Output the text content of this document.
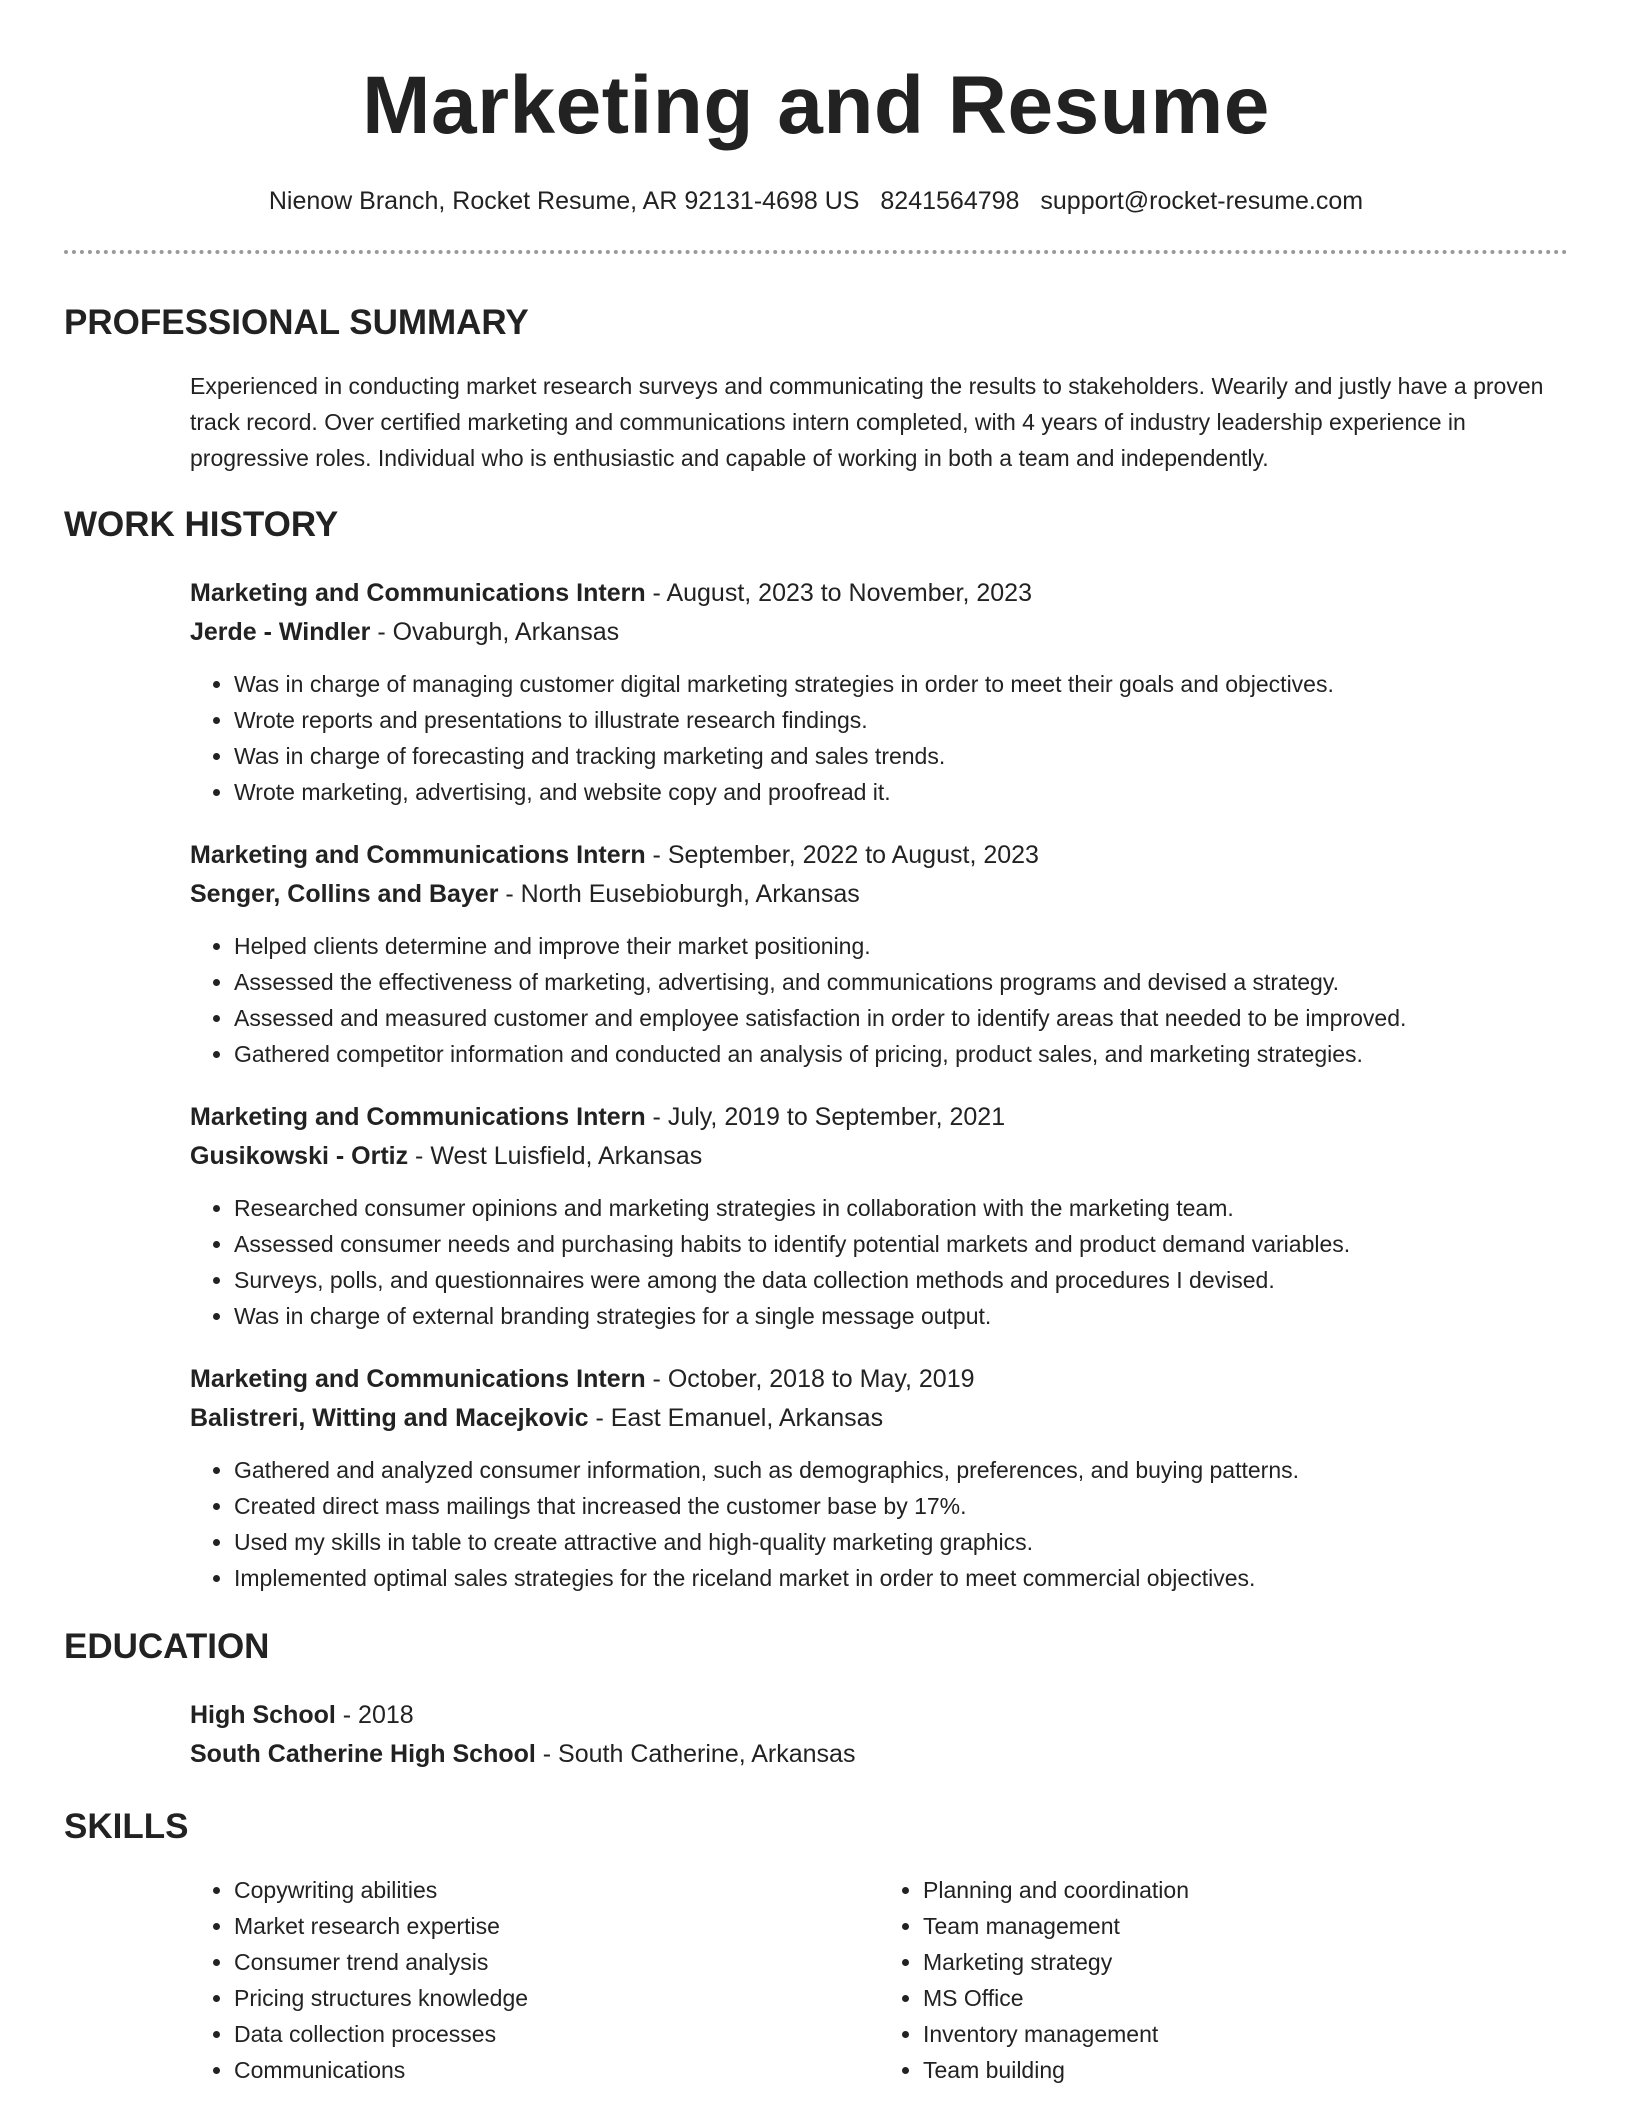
Marketing and Resume
Nienow Branch, Rocket Resume, AR 92131-4698 US 8241564798 support@rocket-resume.com
PROFESSIONAL SUMMARY
Experienced in conducting market research surveys and communicating the results to stakeholders. Wearily and justly have a proven track record. Over certified marketing and communications intern completed, with 4 years of industry leadership experience in progressive roles. Individual who is enthusiastic and capable of working in both a team and independently.
WORK HISTORY
Marketing and Communications Intern - August, 2023 to November, 2023
Jerde - Windler - Ovaburgh, Arkansas
• Was in charge of managing customer digital marketing strategies in order to meet their goals and objectives.
• Wrote reports and presentations to illustrate research findings.
• Was in charge of forecasting and tracking marketing and sales trends.
• Wrote marketing, advertising, and website copy and proofread it.
Marketing and Communications Intern - September, 2022 to August, 2023
Senger, Collins and Bayer - North Eusebioburgh, Arkansas
• Helped clients determine and improve their market positioning.
• Assessed the effectiveness of marketing, advertising, and communications programs and devised a strategy.
• Assessed and measured customer and employee satisfaction in order to identify areas that needed to be improved.
• Gathered competitor information and conducted an analysis of pricing, product sales, and marketing strategies.
Marketing and Communications Intern - July, 2019 to September, 2021
Gusikowski - Ortiz - West Luisfield, Arkansas
• Researched consumer opinions and marketing strategies in collaboration with the marketing team.
• Assessed consumer needs and purchasing habits to identify potential markets and product demand variables.
• Surveys, polls, and questionnaires were among the data collection methods and procedures I devised.
• Was in charge of external branding strategies for a single message output.
Marketing and Communications Intern - October, 2018 to May, 2019
Balistreri, Witting and Macejkovic - East Emanuel, Arkansas
• Gathered and analyzed consumer information, such as demographics, preferences, and buying patterns.
• Created direct mass mailings that increased the customer base by 17%.
• Used my skills in table to create attractive and high-quality marketing graphics.
• Implemented optimal sales strategies for the riceland market in order to meet commercial objectives.
EDUCATION
High School - 2018
South Catherine High School - South Catherine, Arkansas
SKILLS
• Copywriting abilities
• Market research expertise
• Consumer trend analysis
• Pricing structures knowledge
• Data collection processes
• Communications
• Planning and coordination
• Team management
• Marketing strategy
• MS Office
• Inventory management
• Team building
